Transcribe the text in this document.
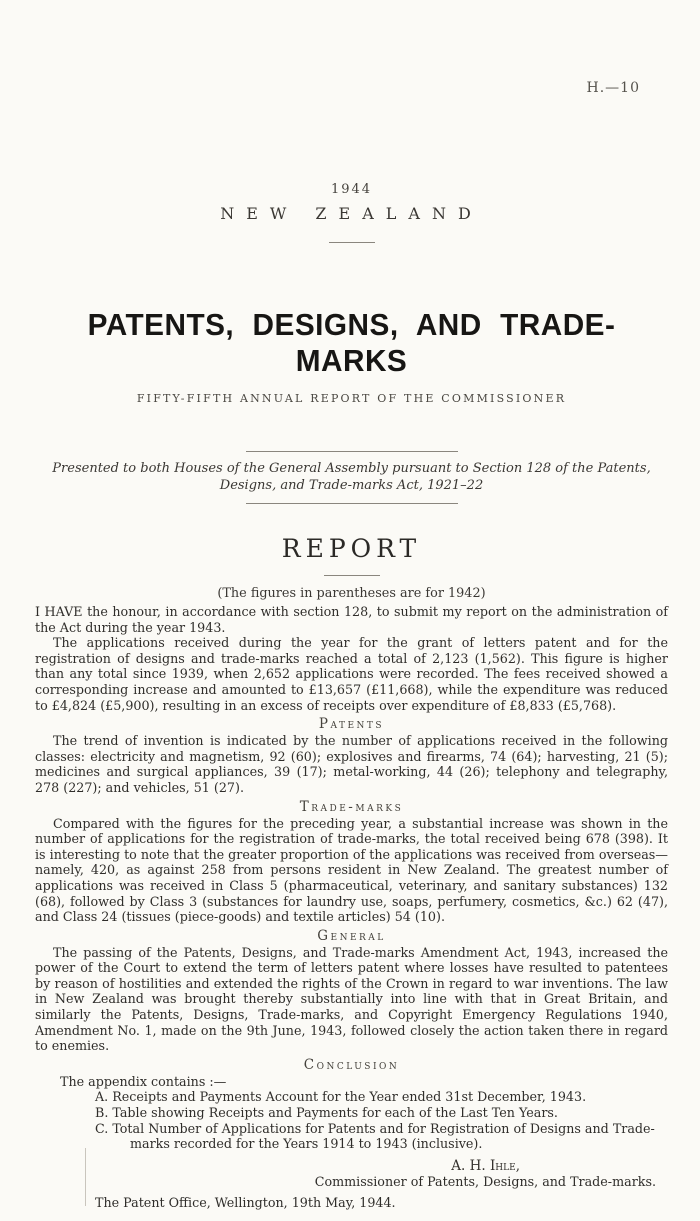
H.—10
1944
NEW ZEALAND
PATENTS, DESIGNS, AND TRADE-MARKS
FIFTY-FIFTH ANNUAL REPORT OF THE COMMISSIONER
Presented to both Houses of the General Assembly pursuant to Section 128 of the Patents, Designs, and Trade-marks Act, 1921–22
REPORT
(The figures in parentheses are for 1942)

I HAVE the honour, in accordance with section 128, to submit my report on the administration of the Act during the year 1943.

The applications received during the year for the grant of letters patent and for the registration of designs and trade-marks reached a total of 2,123 (1,562). This figure is higher than any total since 1939, when 2,652 applications were recorded. The fees received showed a corresponding increase and amounted to £13,657 (£11,668), while the expenditure was reduced to £4,824 (£5,900), resulting in an excess of receipts over expenditure of £8,833 (£5,768).

Patents

The trend of invention is indicated by the number of applications received in the following classes: electricity and magnetism, 92 (60); explosives and firearms, 74 (64); harvesting, 21 (5); medicines and surgical appliances, 39 (17); metal-working, 44 (26); telephony and telegraphy, 278 (227); and vehicles, 51 (27).

Trade-marks

Compared with the figures for the preceding year, a substantial increase was shown in the number of applications for the registration of trade-marks, the total received being 678 (398). It is interesting to note that the greater proportion of the applications was received from overseas—namely, 420, as against 258 from persons resident in New Zealand. The greatest number of applications was received in Class 5 (pharmaceutical, veterinary, and sanitary substances) 132 (68), followed by Class 3 (substances for laundry use, soaps, perfumery, cosmetics, &c.) 62 (47), and Class 24 (tissues (piece-goods) and textile articles) 54 (10).

General

The passing of the Patents, Designs, and Trade-marks Amendment Act, 1943, increased the power of the Court to extend the term of letters patent where losses have resulted to patentees by reason of hostilities and extended the rights of the Crown in regard to war inventions. The law in New Zealand was brought thereby substantially into line with that in Great Britain, and similarly the Patents, Designs, Trade-marks, and Copyright Emergency Regulations 1940, Amendment No. 1, made on the 9th June, 1943, followed closely the action taken there in regard to enemies.

Conclusion

The appendix contains :—

A. Receipts and Payments Account for the Year ended 31st December, 1943.
B. Table showing Receipts and Payments for each of the Last Ten Years.
C. Total Number of Applications for Patents and for Registration of Designs and Trade-marks recorded for the Years 1914 to 1943 (inclusive).
A. H. Ihle,
Commissioner of Patents, Designs, and Trade-marks.
The Patent Office, Wellington, 19th May, 1944.
